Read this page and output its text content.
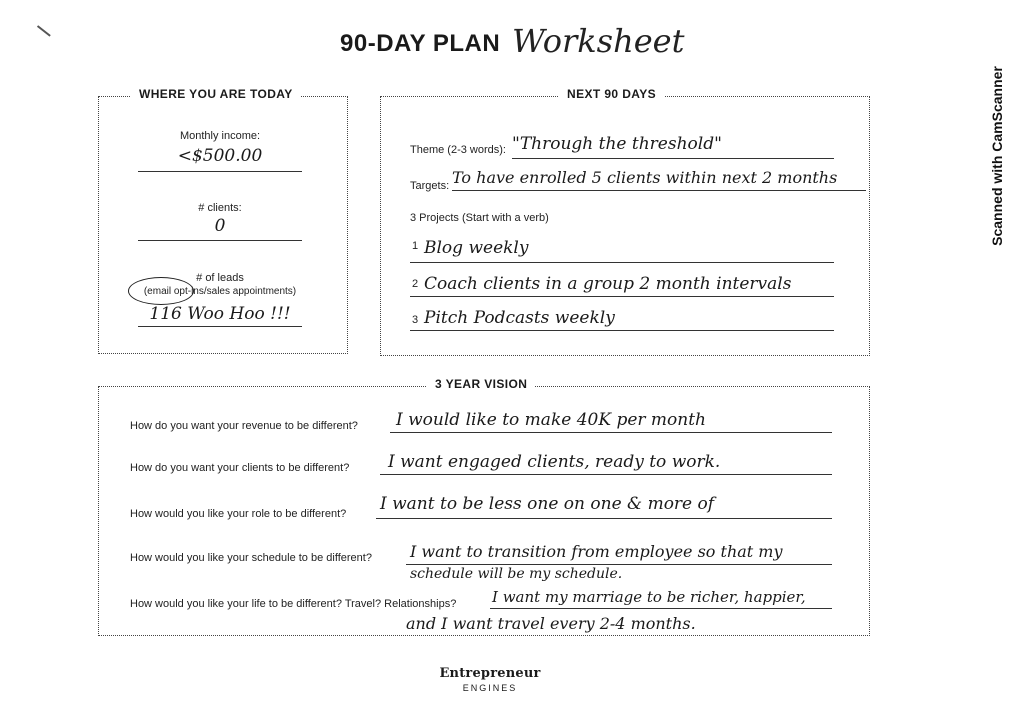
90-DAY PLAN Worksheet
Scanned with CamScanner
WHERE YOU ARE TODAY
Monthly income:
<$500.00
# clients:
0
# of leads
(email opt-ins/sales appointments)
116 Woo Hoo !!!
NEXT 90 DAYS
Theme (2-3 words): "Through the threshold"
Targets: To have enrolled 5 clients within next 2 months
3 Projects (Start with a verb)
1 Blog weekly
2 Coach clients in a group 2 month intervals
3 Pitch Podcasts weekly
3 YEAR VISION
How do you want your revenue to be different? I would like to make 40K per month
How do you want your clients to be different? I want engaged clients, ready to work.
How would you like your role to be different? I want to be less one on one & more of
How would you like your schedule to be different? I want to transition from employee so that my
schedule will be my schedule.
How would you like your life to be different? Travel? Relationships? I want my marriage to be richer, happier,
and I want travel every 2-4 months.
Entrepreneur
ENGINES
